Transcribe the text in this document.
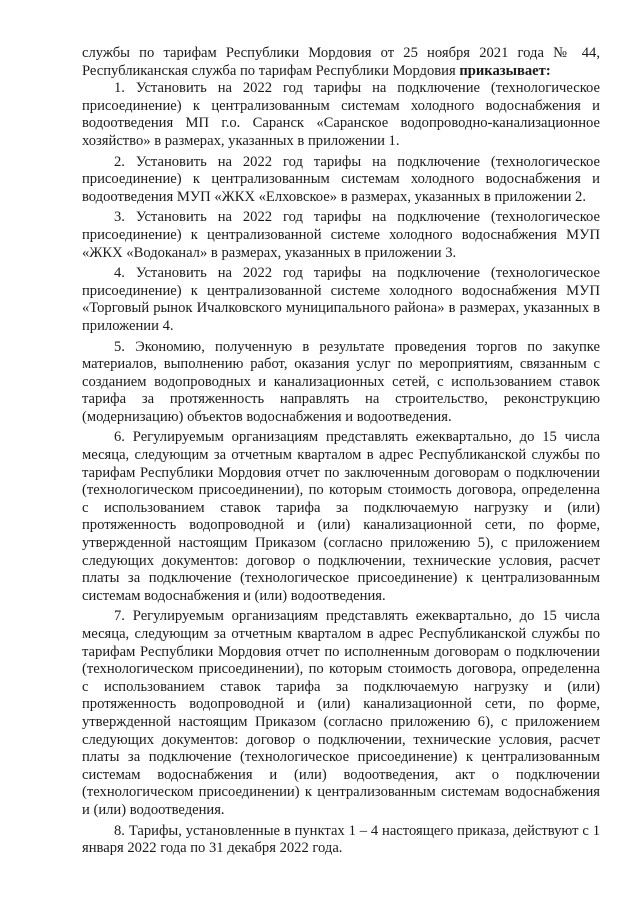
службы по тарифам Республики Мордовия от 25 ноября 2021 года № 44, Республиканская служба по тарифам Республики Мордовия приказывает:

1. Установить на 2022 год тарифы на подключение (технологическое присоединение) к централизованным системам холодного водоснабжения и водоотведения МП г.о. Саранск «Саранское водопроводно-канализационное хозяйство» в размерах, указанных в приложении 1.

2. Установить на 2022 год тарифы на подключение (технологическое присоединение) к централизованным системам холодного водоснабжения и водоотведения МУП «ЖКХ «Елховское» в размерах, указанных в приложении 2.

3. Установить на 2022 год тарифы на подключение (технологическое присоединение) к централизованной системе холодного водоснабжения МУП «ЖКХ «Водоканал» в размерах, указанных в приложении 3.

4. Установить на 2022 год тарифы на подключение (технологическое присоединение) к централизованной системе холодного водоснабжения МУП «Торговый рынок Ичалковского муниципального района» в размерах, указанных в приложении 4.

5. Экономию, полученную в результате проведения торгов по закупке материалов, выполнению работ, оказания услуг по мероприятиям, связанным с созданием водопроводных и канализационных сетей, с использованием ставок тарифа за протяженность направлять на строительство, реконструкцию (модернизацию) объектов водоснабжения и водоотведения.

6. Регулируемым организациям представлять ежеквартально, до 15 числа месяца, следующим за отчетным кварталом в адрес Республиканской службы по тарифам Республики Мордовия отчет по заключенным договорам о подключении (технологическом присоединении), по которым стоимость договора, определенна с использованием ставок тарифа за подключаемую нагрузку и (или) протяженность водопроводной и (или) канализационной сети, по форме, утвержденной настоящим Приказом (согласно приложению 5), с приложением следующих документов: договор о подключении, технические условия, расчет платы за подключение (технологическое присоединение) к централизованным системам водоснабжения и (или) водоотведения.

7. Регулируемым организациям представлять ежеквартально, до 15 числа месяца, следующим за отчетным кварталом в адрес Республиканской службы по тарифам Республики Мордовия отчет по исполненным договорам о подключении (технологическом присоединении), по которым стоимость договора, определенна с использованием ставок тарифа за подключаемую нагрузку и (или) протяженность водопроводной и (или) канализационной сети, по форме, утвержденной настоящим Приказом (согласно приложению 6), с приложением следующих документов: договор о подключении, технические условия, расчет платы за подключение (технологическое присоединение) к централизованным системам водоснабжения и (или) водоотведения, акт о подключении (технологическом присоединении) к централизованным системам водоснабжения и (или) водоотведения.

8. Тарифы, установленные в пунктах 1 – 4 настоящего приказа, действуют с 1 января 2022 года по 31 декабря 2022 года.
